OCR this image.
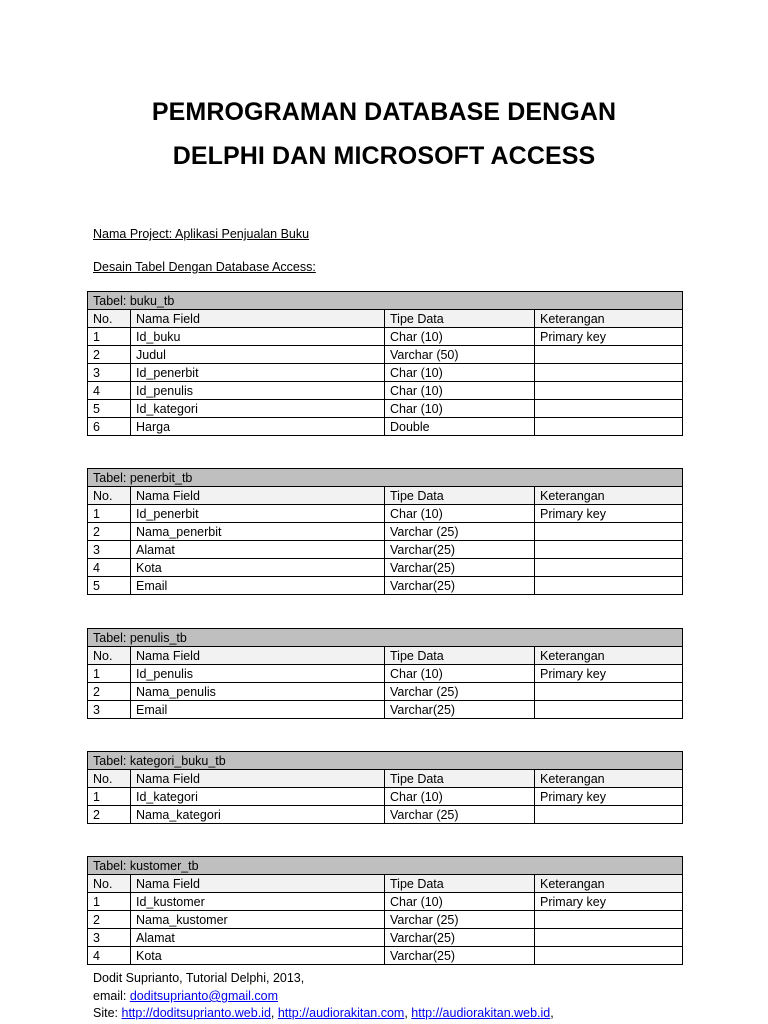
PEMROGRAMAN DATABASE DENGAN
DELPHI DAN MICROSOFT ACCESS
Nama Project: Aplikasi Penjualan Buku
Desain Tabel Dengan Database Access:
Tabel: buku_tb			
No.	Nama Field	Tipe Data	Keterangan
1	Id_buku	Char (10)	Primary key
2	Judul	Varchar (50)	
3	Id_penerbit	Char (10)	
4	Id_penulis	Char (10)	
5	Id_kategori	Char (10)	
6	Harga	Double	
Tabel: penerbit_tb			
No.	Nama Field	Tipe Data	Keterangan
1	Id_penerbit	Char (10)	Primary key
2	Nama_penerbit	Varchar (25)	
3	Alamat	Varchar(25)	
4	Kota	Varchar(25)	
5	Email	Varchar(25)	
Tabel: penulis_tb			
No.	Nama Field	Tipe Data	Keterangan
1	Id_penulis	Char (10)	Primary key
2	Nama_penulis	Varchar (25)	
3	Email	Varchar(25)	
Tabel: kategori_buku_tb			
No.	Nama Field	Tipe Data	Keterangan
1	Id_kategori	Char (10)	Primary key
2	Nama_kategori	Varchar (25)	
Tabel: kustomer_tb			
No.	Nama Field	Tipe Data	Keterangan
1	Id_kustomer	Char (10)	Primary key
2	Nama_kustomer	Varchar (25)	
3	Alamat	Varchar(25)	
4	Kota	Varchar(25)	
Dodit Suprianto, Tutorial Delphi, 2013,
email: doditsuprianto@gmail.com
Site: http://doditsuprianto.web.id, http://audiorakitan.com, http://audiorakitan.web.id,
